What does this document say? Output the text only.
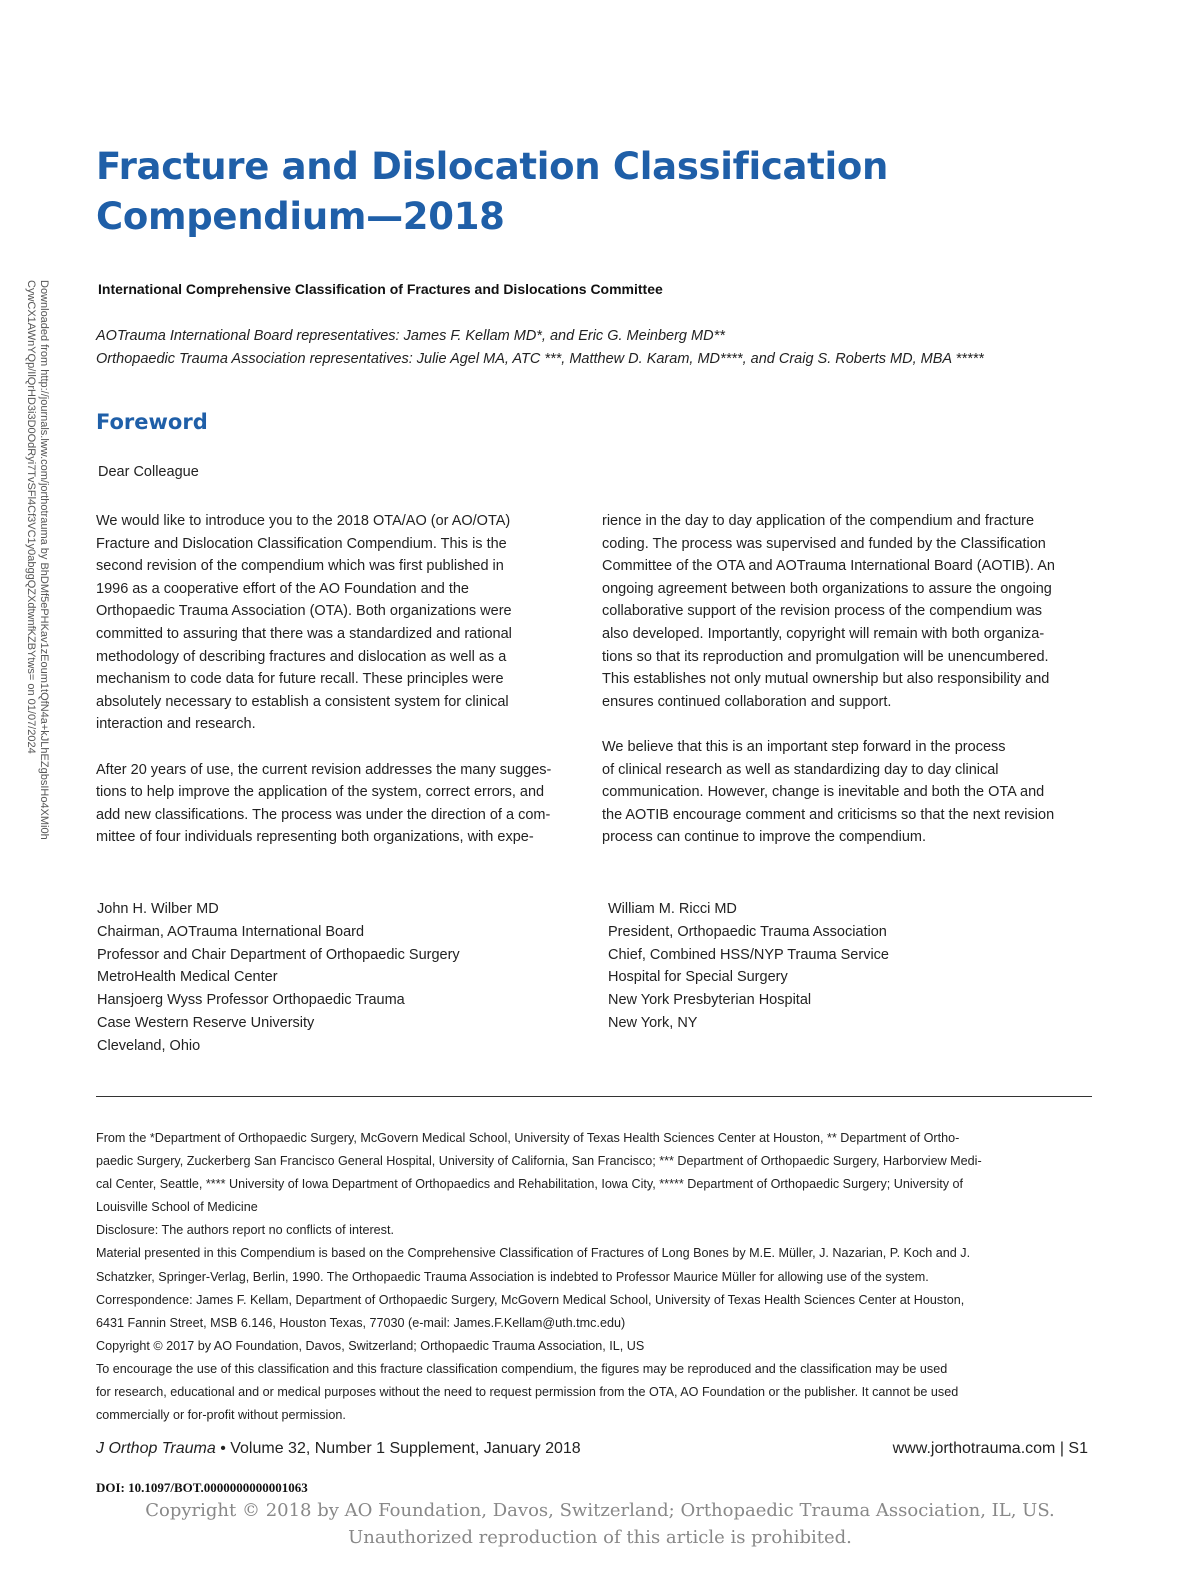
Fracture and Dislocation Classification
Compendium—2018
International Comprehensive Classification of Fractures and Dislocations Committee
AOTrauma International Board representatives: James F. Kellam MD*, and Eric G. Meinberg MD**
Orthopaedic Trauma Association representatives: Julie Agel MA, ATC ***, Matthew D. Karam, MD****, and Craig S. Roberts MD, MBA *****
Foreword
Dear Colleague

We would like to introduce you to the 2018 OTA/AO (or AO/OTA)
Fracture and Dislocation Classification Compendium. This is the
second revision of the compendium which was first published in
1996 as a cooperative effort of the AO Foundation and the
Orthopaedic Trauma Association (OTA). Both organizations were
committed to assuring that there was a standardized and rational
methodology of describing fractures and dislocation as well as a
mechanism to code data for future recall. These principles were
absolutely necessary to establish a consistent system for clinical
interaction and research.

After 20 years of use, the current revision addresses the many sugges-
tions to help improve the application of the system, correct errors, and
add new classifications. The process was under the direction of a com-
mittee of four individuals representing both organizations, with expe-

rience in the day to day application of the compendium and fracture
coding. The process was supervised and funded by the Classification
Committee of the OTA and AOTrauma International Board (AOTIB). An
ongoing agreement between both organizations to assure the ongoing
collaborative support of the revision process of the compendium was
also developed. Importantly, copyright will remain with both organiza-
tions so that its reproduction and promulgation will be unencumbered.
This establishes not only mutual ownership but also responsibility and
ensures continued collaboration and support.

We believe that this is an important step forward in the process
of clinical research as well as standardizing day to day clinical
communication. However, change is inevitable and both the OTA and
the AOTIB encourage comment and criticisms so that the next revision
process can continue to improve the compendium.

John H. Wilber MD
Chairman, AOTrauma International Board
Professor and Chair Department of Orthopaedic Surgery
MetroHealth Medical Center
Hansjoerg Wyss Professor Orthopaedic Trauma
Case Western Reserve University
Cleveland, Ohio
William M. Ricci MD
President, Orthopaedic Trauma Association
Chief, Combined HSS/NYP Trauma Service
Hospital for Special Surgery
New York Presbyterian Hospital
New York, NY
From the *Department of Orthopaedic Surgery, McGovern Medical School, University of Texas Health Sciences Center at Houston, ** Department of Ortho-
paedic Surgery, Zuckerberg San Francisco General Hospital, University of California, San Francisco; *** Department of Orthopaedic Surgery, Harborview Medi-
cal Center, Seattle, **** University of Iowa Department of Orthopaedics and Rehabilitation, Iowa City, ***** Department of Orthopaedic Surgery; University of
Louisville School of Medicine
Disclosure: The authors report no conflicts of interest.
Material presented in this Compendium is based on the Comprehensive Classification of Fractures of Long Bones by M.E. Müller, J. Nazarian, P. Koch and J.
Schatzker, Springer-Verlag, Berlin, 1990. The Orthopaedic Trauma Association is indebted to Professor Maurice Müller for allowing use of the system.
Correspondence: James F. Kellam, Department of Orthopaedic Surgery, McGovern Medical School, University of Texas Health Sciences Center at Houston,
6431 Fannin Street, MSB 6.146, Houston Texas, 77030 (e-mail: James.F.Kellam@uth.tmc.edu)
Copyright © 2017 by AO Foundation, Davos, Switzerland; Orthopaedic Trauma Association, IL, US
To encourage the use of this classification and this fracture classification compendium, the figures may be reproduced and the classification may be used
for research, educational and or medical purposes without the need to request permission from the OTA, AO Foundation or the publisher. It cannot be used
commercially or for-profit without permission.
J Orthop Trauma • Volume 32, Number 1 Supplement, January 2018	www.jorthotrauma.com | S1
DOI: 10.1097/BOT.0000000000001063
Copyright © 2018 by AO Foundation, Davos, Switzerland; Orthopaedic Trauma Association, IL, US.
Unauthorized reproduction of this article is prohibited.
Downloaded from http://journals.lww.com/jorthotrauma by BhDMf5ePHKav1zEoum1tQfN4a+kJLhEZgbsIHo4XMi0h
CywCX1AWnYQp/IlQrHD3i3D0OdRyi7TvSFl4Cf3VC1y0abggQZXdtwnfKZBYtws= on 01/07/2024
